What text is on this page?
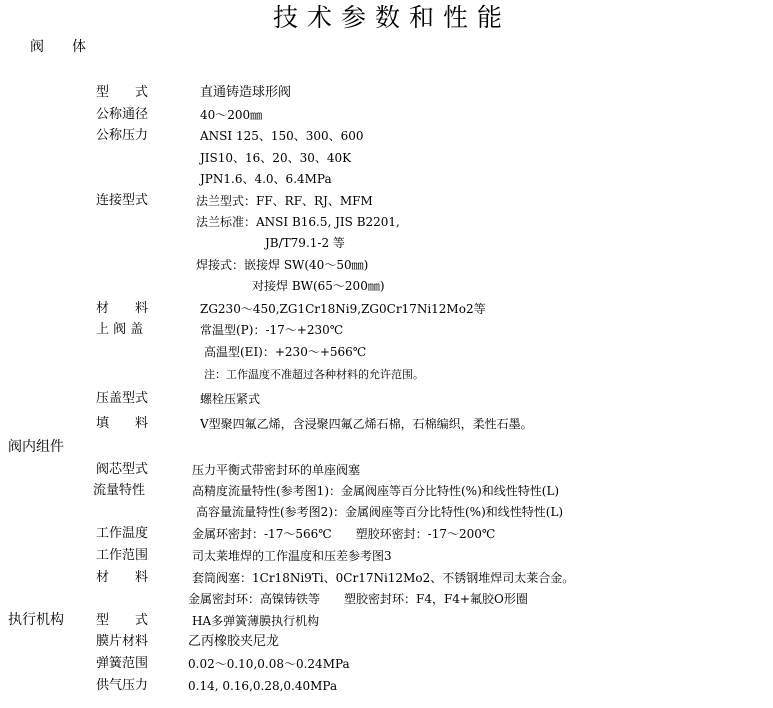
技术参数和性能
阀　　体
型　　式	直通铸造球形阀
公称通径	40～200㎜
公称压力	ANSI 125、150、300、600
JIS10、16、20、30、40K
JPN1.6、4.0、6.4MPa
连接型式	法兰型式：FF、RF、RJ、MFM
法兰标准：ANSI B16.5, JIS B2201,
JB/T79.1-2 等
焊接式：嵌接焊 SW(40～50㎜)
对接焊 BW(65～200㎜)
材　　料	ZG230～450,ZG1Cr18Ni9,ZG0Cr17Ni12Mo2等
上 阀 盖	常温型(P)：-17～+230℃
高温型(EI)：+230～+566℃
注：工作温度不准超过各种材料的允许范围。
压盖型式	螺栓压紧式
填　　料	V型聚四氟乙烯，含浸聚四氟乙烯石棉，石棉编织，柔性石墨。
阀内组件
阀芯型式	压力平衡式带密封环的单座阀塞
流量特性	高精度流量特性(参考图1)：金属阀座等百分比特性(%)和线性特性(L)
高容量流量特性(参考图2)：金属阀座等百分比特性(%)和线性特性(L)
工作温度	金属环密封：-17～566℃　　塑胶环密封：-17～200℃
工作范围	司太莱堆焊的工作温度和压差参考图3
材　　料	套筒阀塞：1Cr18Ni9Ti、0Cr17Ni12Mo2、不锈钢堆焊司太莱合金。
金属密封环：高镍铸铁等　　塑胶密封环：F4，F4+氟胶O形圈
执行机构 型　　式	HA多弹簧薄膜执行机构
膜片材料	乙丙橡胶夹尼龙
弹簧范围	0.02～0.10,0.08～0.24MPa
供气压力	0.14, 0.16,0.28,0.40MPa
